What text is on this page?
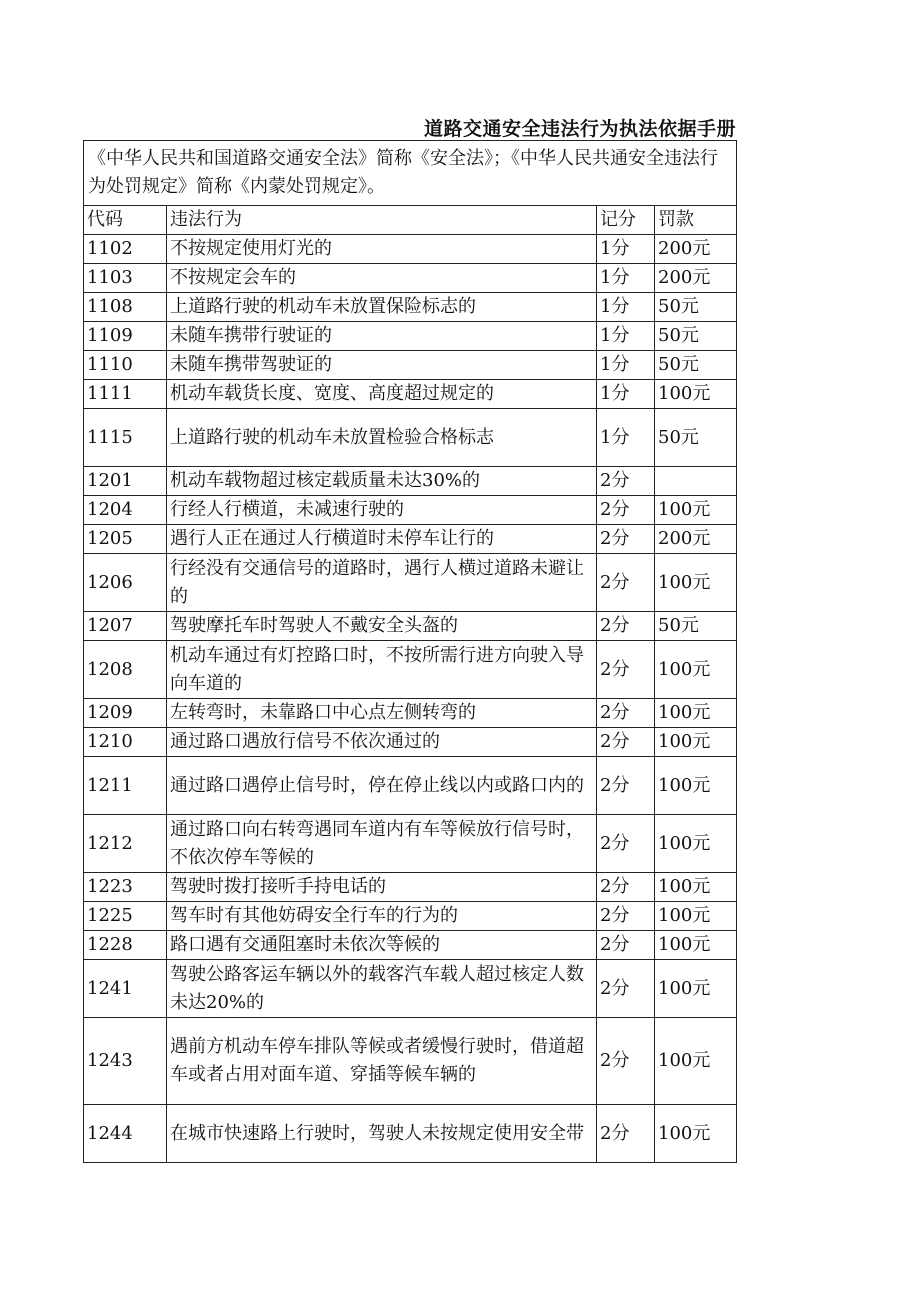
道路交通安全违法行为执法依据手册
《中华人民共和国道路交通安全法》简称《安全法》；《中华人民共通安全违法行为处罚规定》简称《内蒙处罚规定》。			
代码	违法行为	记分	罚款
1102	不按规定使用灯光的	1分	200元
1103	不按规定会车的	1分	200元
1108	上道路行驶的机动车未放置保险标志的	1分	50元
1109	未随车携带行驶证的	1分	50元
1110	未随车携带驾驶证的	1分	50元
1111	机动车载货长度、宽度、高度超过规定的	1分	100元
1115	上道路行驶的机动车未放置检验合格标志	1分	50元
1201	机动车载物超过核定载质量未达30%的	2分	
1204	行经人行横道，未减速行驶的	2分	100元
1205	遇行人正在通过人行横道时未停车让行的	2分	200元
1206	行经没有交通信号的道路时，遇行人横过道路未避让的	2分	100元
1207	驾驶摩托车时驾驶人不戴安全头盔的	2分	50元
1208	机动车通过有灯控路口时，不按所需行进方向驶入导向车道的	2分	100元
1209	左转弯时，未靠路口中心点左侧转弯的	2分	100元
1210	通过路口遇放行信号不依次通过的	2分	100元
1211	通过路口遇停止信号时，停在停止线以内或路口内的	2分	100元
1212	通过路口向右转弯遇同车道内有车等候放行信号时，不依次停车等候的	2分	100元
1223	驾驶时拨打接听手持电话的	2分	100元
1225	驾车时有其他妨碍安全行车的行为的	2分	100元
1228	路口遇有交通阻塞时未依次等候的	2分	100元
1241	驾驶公路客运车辆以外的载客汽车载人超过核定人数未达20%的	2分	100元
1243	遇前方机动车停车排队等候或者缓慢行驶时，借道超车或者占用对面车道、穿插等候车辆的	2分	100元
1244	在城市快速路上行驶时，驾驶人未按规定使用安全带	2分	100元
